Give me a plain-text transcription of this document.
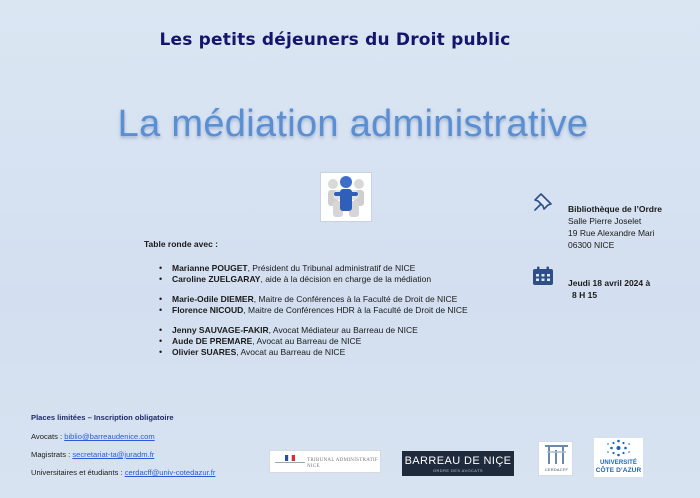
Les petits déjeuners du Droit public
La médiation administrative
Table ronde avec :
• Marianne POUGET, Président du Tribunal administratif de NICE
• Caroline ZUELGARAY, aide à la décision en charge de la médiation
• Marie-Odile DIEMER, Maitre de Conférences à la Faculté de Droit de NICE
• Florence NICOUD, Maitre de Conférences HDR à la Faculté de Droit de NICE
• Jenny SAUVAGE-FAKIR, Avocat Médiateur au Barreau de NICE
• Aude DE PREMARE, Avocat au Barreau de NICE
• Olivier SUARES, Avocat au Barreau de NICE
Bibliothèque de l’Ordre
Salle Pierre Joselet
19 Rue Alexandre Mari
06300 NICE
Jeudi 18 avril 2024 à
8 H 15
Places limitées – Inscription obligatoire
Avocats : biblio@barreaudenice.com
Magistrats : secretariat-ta@juradm.fr
Universitaires et étudiants : cerdacff@univ-cotedazur.fr
TRIBUNAL ADMINISTRATIF
NICE	BARREAU DE NIÇE
ORDRE DES AVOCATS	CERDACFF
UNIVERSITÉ
CÔTE D’AZUR
